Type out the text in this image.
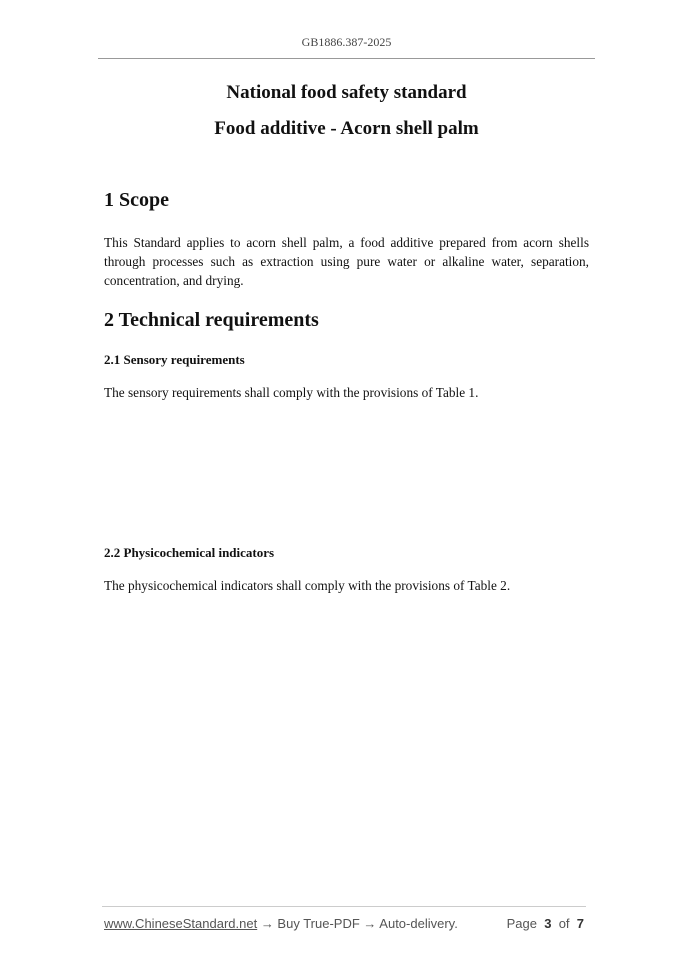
GB1886.387-2025
National food safety standard
Food additive - Acorn shell palm
1 Scope
This Standard applies to acorn shell palm, a food additive prepared from acorn shells through processes such as extraction using pure water or alkaline water, separation, concentration, and drying.
2 Technical requirements
2.1 Sensory requirements
The sensory requirements shall comply with the provisions of Table 1.
2.2 Physicochemical indicators
The physicochemical indicators shall comply with the provisions of Table 2.
www.ChineseStandard.net → Buy True-PDF → Auto-delivery.	Page 3 of 7
